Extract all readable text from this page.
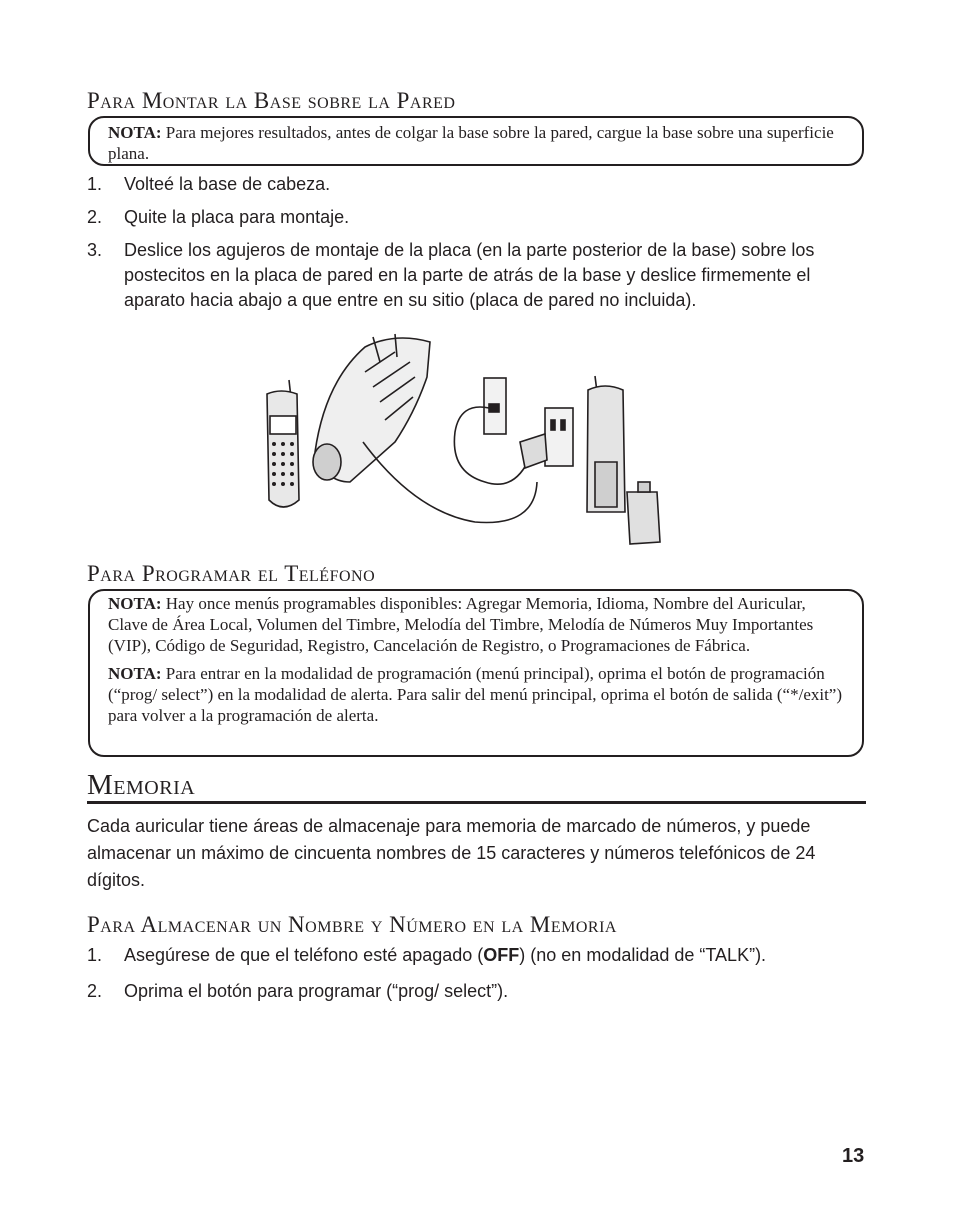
Para Montar la Base sobre la Pared

NOTA: Para mejores resultados, antes de colgar la base sobre la pared, cargue la base sobre una superficie plana.

1. Volteé la base de cabeza.
2. Quite la placa para montaje.
3. Deslice los agujeros de montaje de la placa (en la parte posterior de la base) sobre los postecitos en la placa de pared en la parte de atrás de la base y deslice firmemente el aparato hacia abajo a que entre en su sitio (placa de pared no incluida).
Para Programar el Teléfono

NOTA: Hay once menús programables disponibles: Agregar Memoria, Idioma, Nombre del Auricular, Clave de Área Local, Volumen del Timbre, Melodía del Timbre, Melodía de Números Muy Importantes (VIP), Código de Seguridad, Registro, Cancelación de Registro, o Programaciones de Fábrica.

NOTA: Para entrar en la modalidad de programación (menú principal), oprima el botón de programación (“prog/ select”) en la modalidad de alerta. Para salir del menú principal, oprima el botón de salida (“*/exit”) para volver a la programación de alerta.

Memoria

Cada auricular tiene áreas de almacenaje para memoria de marcado de números, y puede almacenar un máximo de cincuenta nombres de 15 caracteres y números telefónicos de 24 dígitos.

Para Almacenar un Nombre y Número en la Memoria
1. Asegúrese de que el teléfono esté apagado (OFF) (no en modalidad de “TALK”).
2. Oprima el botón para programar (“prog/ select”).
13
